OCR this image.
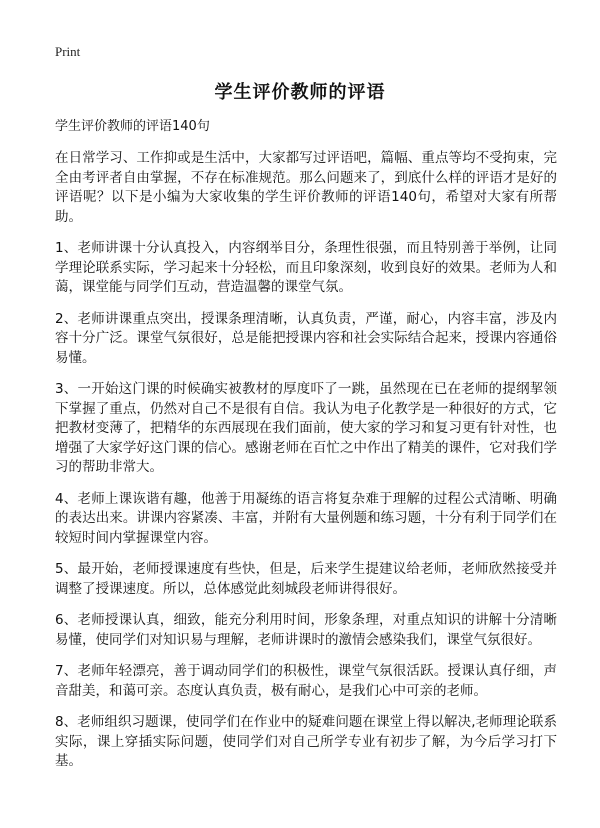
Print
学生评价教师的评语

学生评价教师的评语140句

在日常学习、工作抑或是生活中，大家都写过评语吧，篇幅、重点等均不受拘束，完全由考评者自由掌握，不存在标准规范。那么问题来了，到底什么样的评语才是好的评语呢？以下是小编为大家收集的学生评价教师的评语140句，希望对大家有所帮助。

1、老师讲课十分认真投入，内容纲举目分，条理性很强，而且特别善于举例，让同学理论联系实际，学习起来十分轻松，而且印象深刻，收到良好的效果。老师为人和蔼，课堂能与同学们互动，营造温馨的课堂气氛。

2、老师讲课重点突出，授课条理清晰，认真负责，严谨，耐心，内容丰富，涉及内容十分广泛。课堂气氛很好，总是能把授课内容和社会实际结合起来，授课内容通俗易懂。

3、一开始这门课的时候确实被教材的厚度吓了一跳，虽然现在已在老师的提纲挈领下掌握了重点，仍然对自己不是很有自信。我认为电子化教学是一种很好的方式，它把教材变薄了，把精华的东西展现在我们面前，使大家的学习和复习更有针对性，也增强了大家学好这门课的信心。感谢老师在百忙之中作出了精美的课件，它对我们学习的帮助非常大。

4、老师上课诙谐有趣，他善于用凝练的语言将复杂难于理解的过程公式清晰、明确的表达出来。讲课内容紧凑、丰富，并附有大量例题和练习题，十分有利于同学们在较短时间内掌握课堂内容。

5、最开始，老师授课速度有些快，但是，后来学生提建议给老师，老师欣然接受并调整了授课速度。所以，总体感觉此刻城段老师讲得很好。

6、老师授课认真，细致，能充分利用时间，形象条理，对重点知识的讲解十分清晰易懂，使同学们对知识易与理解，老师讲课时的激情会感染我们，课堂气氛很好。

7、老师年轻漂亮，善于调动同学们的积极性，课堂气氛很活跃。授课认真仔细，声音甜美，和蔼可亲。态度认真负责，极有耐心，是我们心中可亲的老师。

8、老师组织习题课，使同学们在作业中的疑难问题在课堂上得以解决,老师理论联系实际，课上穿插实际问题，使同学们对自己所学专业有初步了解，为今后学习打下基。
